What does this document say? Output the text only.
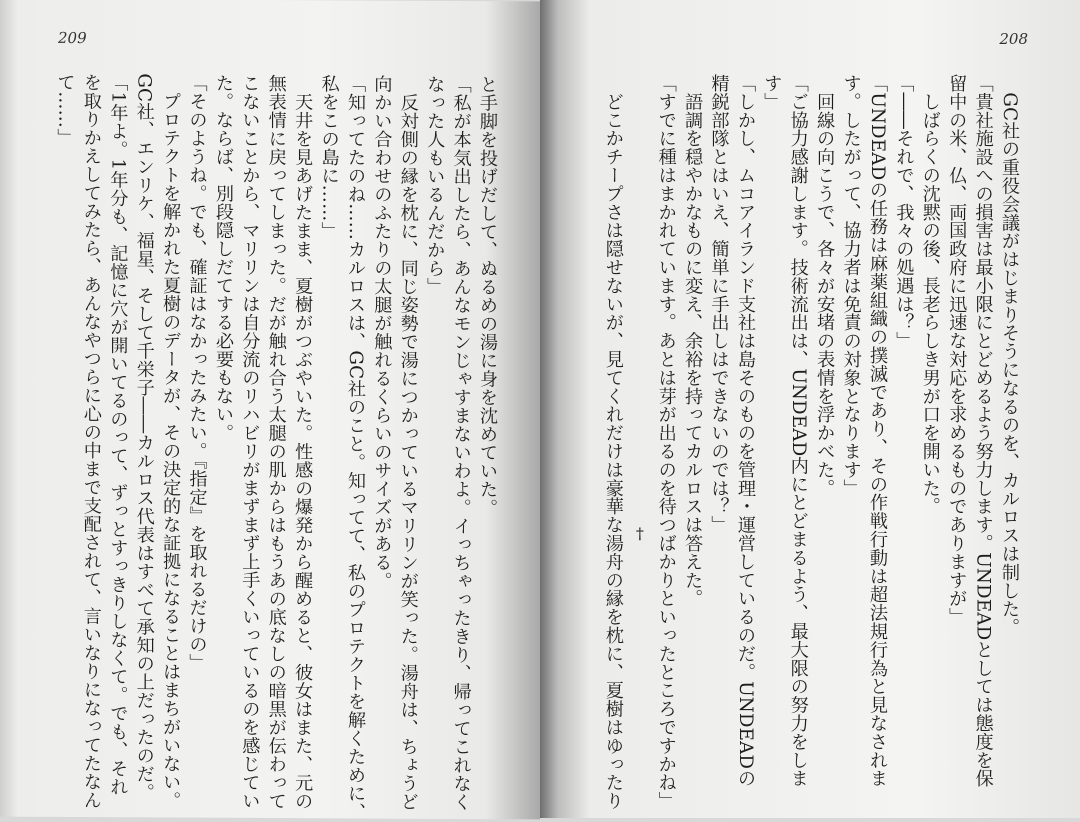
209
と手脚を投げだして、ぬるめの湯に身を沈めていた。
「私が本気出したら、あんなモンじゃすまないわよ。イっちゃったきり、帰ってこれなく
なった人もいるんだから」
　反対側の縁を枕に、同じ姿勢で湯につかっているマリリンが笑った。湯舟は、ちょうど
向かい合わせのふたりの太腿が触れるくらいのサイズがある。
「知ってたのね……カルロスは、GC社のこと。知ってて、私のプロテクトを解くために、
私をこの島に……」
　天井を見あげたまま、夏樹がつぶやいた。性感の爆発から醒めると、彼女はまた、元の
無表情に戻ってしまった。だが触れ合う太腿の肌からはもうあの底なしの暗黒が伝わって
こないことから、マリリンは自分流のリハビリがまずまず上手くいっているのを感じてい
た。ならば、別段隠しだてする必要もない。
「そのようね。でも、確証はなかったみたい。『指定』を取れるだけの」
　プロテクトを解かれた夏樹のデータが、その決定的な証拠になることはまちがいない。
GC社、エンリケ、福星、そして千栄子――カルロス代表はすべて承知の上だったのだ。
「1年よ。1年分も、記憶に穴が開いてるのって、ずっとすっきりしなくて。でも、それ
を取りかえしてみたら、あんなやつらに心の中まで支配されて、言いなりになってたなん
て……」
208
　GC社の重役会議がはじまりそうになるのを、カルロスは制した。
「貴社施設への損害は最小限にとどめるよう努力します。UNDEADとしては態度を保
留中の米、仏、両国政府に迅速な対応を求めるものでありますが」
　しばらくの沈黙の後、長老らしき男が口を開いた。
「――それで、我々の処遇は？」
「UNDEADの任務は麻薬組織の撲滅であり、その作戦行動は超法規行為と見なされま
す。したがって、協力者は免責の対象となります」
　回線の向こうで、各々が安堵の表情を浮かべた。
「ご協力感謝します。技術流出は、UNDEAD内にとどまるよう、最大限の努力をしま
す」
「しかし、ムコアイランド支社は島そのものを管理・運営しているのだ。UNDEADの
精鋭部隊とはいえ、簡単に手出しはできないのでは？」
　語調を穏やかなものに変え、余裕を持ってカルロスは答えた。
「すでに種はまかれています。あとは芽が出るのを待つばかりといったところですかね」
†
　どこかチープさは隠せないが、見てくれだけは豪華な湯舟の縁を枕に、夏樹はゆったり
